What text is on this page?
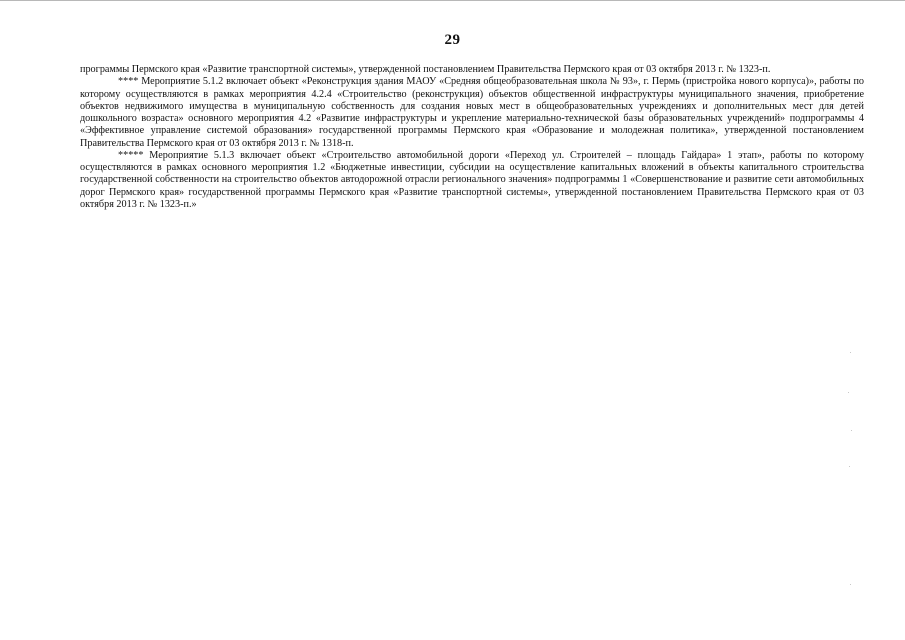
29

программы Пермского края «Развитие транспортной системы», утвержденной постановлением Правительства Пермского края от 03 октября 2013 г. № 1323-п.

**** Мероприятие 5.1.2 включает объект «Реконструкция здания МАОУ «Средняя общеобразовательная школа № 93», г. Пермь (пристройка нового корпуса)», работы по которому осуществляются в рамках мероприятия 4.2.4 «Строительство (реконструкция) объектов общественной инфраструктуры муниципального значения, приобретение объектов недвижимого имущества в муниципальную собственность для создания новых мест в общеобразовательных учреждениях и дополнительных мест для детей дошкольного возраста» основного мероприятия 4.2 «Развитие инфраструктуры и укрепление материально-технической базы образовательных учреждений» подпрограммы 4 «Эффективное управление системой образования» государственной программы Пермского края «Образование и молодежная политика», утвержденной постановлением Правительства Пермского края от 03 октября 2013 г. № 1318-п.

***** Мероприятие 5.1.3 включает объект «Строительство автомобильной дороги «Переход ул. Строителей – площадь Гайдара» 1 этап», работы по которому осуществляются в рамках основного мероприятия 1.2 «Бюджетные инвестиции, субсидии на осуществление капитальных вложений в объекты капитального строительства государственной собственности на строительство объектов автодорожной отрасли регионального значения» подпрограммы 1 «Совершенствование и развитие сети автомобильных дорог Пермского края» государственной программы Пермского края «Развитие транспортной системы», утвержденной постановлением Правительства Пермского края от 03 октября 2013 г. № 1323-п.»
